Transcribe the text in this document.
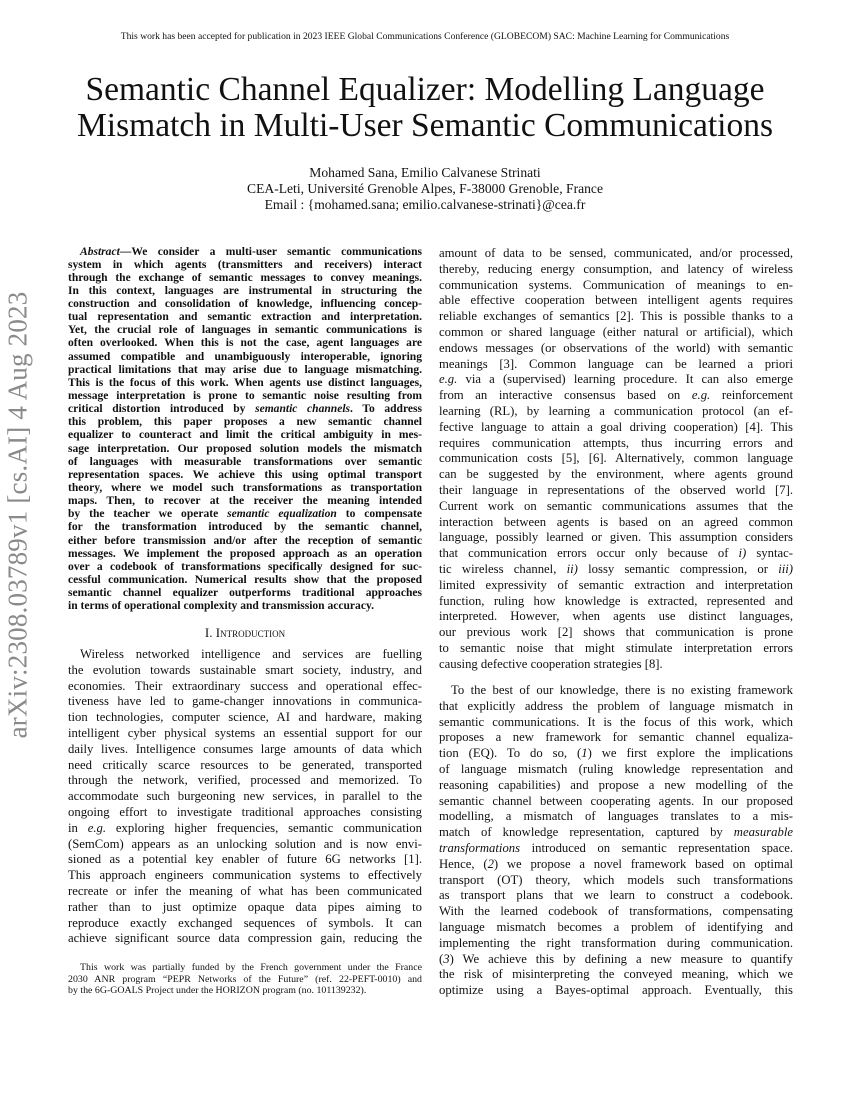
This work has been accepted for publication in 2023 IEEE Global Communications Conference (GLOBECOM) SAC: Machine Learning for Communications
Semantic Channel Equalizer: Modelling Language
Mismatch in Multi-User Semantic Communications
Mohamed Sana, Emilio Calvanese Strinati
CEA-Leti, Université Grenoble Alpes, F-38000 Grenoble, France
Email : {mohamed.sana; emilio.calvanese-strinati}@cea.fr
arXiv:2308.03789v1 [cs.AI] 4 Aug 2023
Abstract—We consider a multi-user semantic communications
system in which agents (transmitters and receivers) interact
through the exchange of semantic messages to convey meanings.
In this context, languages are instrumental in structuring the
construction and consolidation of knowledge, influencing concep-
tual representation and semantic extraction and interpretation.
Yet, the crucial role of languages in semantic communications is
often overlooked. When this is not the case, agent languages are
assumed compatible and unambiguously interoperable, ignoring
practical limitations that may arise due to language mismatching.
This is the focus of this work. When agents use distinct languages,
message interpretation is prone to semantic noise resulting from
critical distortion introduced by semantic channels. To address
this problem, this paper proposes a new semantic channel
equalizer to counteract and limit the critical ambiguity in mes-
sage interpretation. Our proposed solution models the mismatch
of languages with measurable transformations over semantic
representation spaces. We achieve this using optimal transport
theory, where we model such transformations as transportation
maps. Then, to recover at the receiver the meaning intended
by the teacher we operate semantic equalization to compensate
for the transformation introduced by the semantic channel,
either before transmission and/or after the reception of semantic
messages. We implement the proposed approach as an operation
over a codebook of transformations specifically designed for suc-
cessful communication. Numerical results show that the proposed
semantic channel equalizer outperforms traditional approaches
in terms of operational complexity and transmission accuracy.
I. Introduction
Wireless networked intelligence and services are fuelling
the evolution towards sustainable smart society, industry, and
economies. Their extraordinary success and operational effec-
tiveness have led to game-changer innovations in communica-
tion technologies, computer science, AI and hardware, making
intelligent cyber physical systems an essential support for our
daily lives. Intelligence consumes large amounts of data which
need critically scarce resources to be generated, transported
through the network, verified, processed and memorized. To
accommodate such burgeoning new services, in parallel to the
ongoing effort to investigate traditional approaches consisting
in e.g. exploring higher frequencies, semantic communication
(SemCom) appears as an unlocking solution and is now envi-
sioned as a potential key enabler of future 6G networks [1].
This approach engineers communication systems to effectively
recreate or infer the meaning of what has been communicated
rather than to just optimize opaque data pipes aiming to
reproduce exactly exchanged sequences of symbols. It can
achieve significant source data compression gain, reducing the
This work was partially funded by the French government under the France
2030 ANR program “PEPR Networks of the Future” (ref. 22-PEFT-0010) and
by the 6G-GOALS Project under the HORIZON program (no. 101139232).
amount of data to be sensed, communicated, and/or processed,
thereby, reducing energy consumption, and latency of wireless
communication systems. Communication of meanings to en-
able effective cooperation between intelligent agents requires
reliable exchanges of semantics [2]. This is possible thanks to a
common or shared language (either natural or artificial), which
endows messages (or observations of the world) with semantic
meanings [3]. Common language can be learned a priori
e.g. via a (supervised) learning procedure. It can also emerge
from an interactive consensus based on e.g. reinforcement
learning (RL), by learning a communication protocol (an ef-
fective language to attain a goal driving cooperation) [4]. This
requires communication attempts, thus incurring errors and
communication costs [5], [6]. Alternatively, common language
can be suggested by the environment, where agents ground
their language in representations of the observed world [7].
Current work on semantic communications assumes that the
interaction between agents is based on an agreed common
language, possibly learned or given. This assumption considers
that communication errors occur only because of i) syntac-
tic wireless channel, ii) lossy semantic compression, or iii)
limited expressivity of semantic extraction and interpretation
function, ruling how knowledge is extracted, represented and
interpreted. However, when agents use distinct languages,
our previous work [2] shows that communication is prone
to semantic noise that might stimulate interpretation errors
causing defective cooperation strategies [8].
To the best of our knowledge, there is no existing framework
that explicitly address the problem of language mismatch in
semantic communications. It is the focus of this work, which
proposes a new framework for semantic channel equaliza-
tion (EQ). To do so, (1) we first explore the implications
of language mismatch (ruling knowledge representation and
reasoning capabilities) and propose a new modelling of the
semantic channel between cooperating agents. In our proposed
modelling, a mismatch of languages translates to a mis-
match of knowledge representation, captured by measurable
transformations introduced on semantic representation space.
Hence, (2) we propose a novel framework based on optimal
transport (OT) theory, which models such transformations
as transport plans that we learn to construct a codebook.
With the learned codebook of transformations, compensating
language mismatch becomes a problem of identifying and
implementing the right transformation during communication.
(3) We achieve this by defining a new measure to quantify
the risk of misinterpreting the conveyed meaning, which we
optimize using a Bayes-optimal approach. Eventually, this
